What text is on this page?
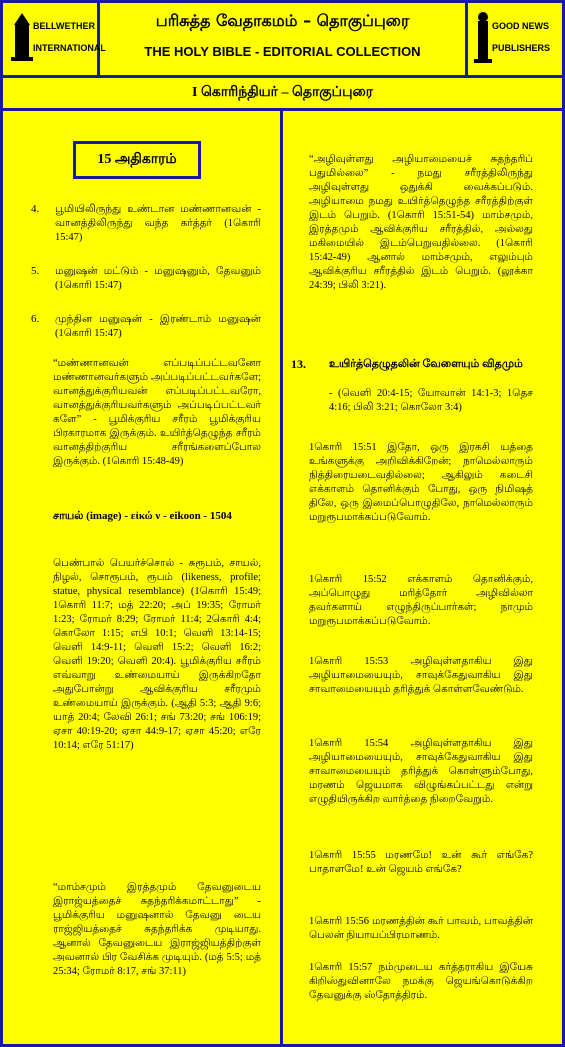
BELLWETHER
INTERNATIONAL
பரிசுத்த வேதாகமம் – தொகுப்புரை
THE HOLY BIBLE - EDITORIAL COLLECTION
GOOD NEWS
PUBLISHERS
I கொரிந்தியர் – தொகுப்புரை
15 அதிகாரம்
4. பூமியிலிருந்து உண்டான மண்ணானவன் - வானத்திலிருந்து வந்த கர்த்தர் (1கொரி 15:47)
5. மனுஷன் மட்டும் - மனுஷனும், தேவனும் (1கொரி 15:47)
6. முந்தின மனுஷன் - இரண்டாம் மனுஷன் (1கொரி 15:47)
“மண்ணானவன் எப்படிப்பட்டவனோ மண்ணானவர்களும் அப்படிப்பட்டவர்களே; வானத்துக்குரியவன் எப்படிப்பட்டவரோ, வானத்துக்குரியவர்களும் அப்படிப்பட்டவர் களே” - பூமிக்குரிய சரீரம் பூமிக்குரிய பிரகாரமாக இருக்கும். உயிர்த்தெழுந்த சரீரம் வானத்திற்குரிய சரீரங்களைப்போல இருக்கும். (1கொரி 15:48-49)
சாயல் (image) - εἰκώ ν - eikoon - 1504
பெண்பால் பெயர்ச்சொல் - சுரூபம், சாயல், நிழல், சொரூபம், ரூபம் (likeness, profile; statue, physical resemblance) (1கொரி 15:49; 1கொரி 11:7; மத் 22:20; அப் 19:35; ரோமர் 1:23; ரோமர் 8:29; ரோமர் 11:4; 2கொரி 4:4; கொலோ 1:15; எபி 10:1; வெளி 13:14-15; வெளி 14:9-11; வெளி 15:2; வெளி 16:2; வெளி 19:20; வெளி 20:4). பூமிக்குரிய சரீரம் எவ்வாறு உண்மையாய் இருக்கிறதோ அதுபோன்று ஆவிக்குரிய சரீரமும் உண்மையாய் இருக்கும். (ஆதி 5:3; ஆதி 9:6; யாத் 20:4; லேவி 26:1; சங் 73:20; சங் 106:19; ஏசா 40:19-20; ஏசா 44:9-17; ஏசா 45:20; எரே 10:14; எரே 51:17)
“மாம்சமும் இரத்தமும் தேவனுடைய இராஜ்யத்தைச் சுதந்தரிக்கமாட்டாது” - பூமிக்குரிய மனுஷனால் தேவனு டைய ராஜ்ஜியத்தைச் சுதந்தரிக்க முடியாது. ஆனால் தேவனுடைய இராஜ்ஜியத்திற்குள் அவனால் பிர வேசிக்க முடியும். (மத் 5:5; மத் 25:34; ரோமர் 8:17, சங் 37:11)
“அழிவுள்ளது அழியாமையைச் சுதந்தரிப் பதுமில்லை” - நமது சரீரத்திலிருந்து அழிவுள்ளது ஒதுக்கி வைக்கப்படும். அழியாமை நமது உயிர்த்தெழுந்த சரீரத்திற்குள் இடம் பெறும். (1கொரி 15:51-54) மாம்சமும், இரத்தமும் ஆவிக்குரிய சரீரத்தில், அல்லது மகிமையில் இடம்பெறுவதில்லை. (1கொரி 15:42-49) ஆனால் மாம்சமும், எலும்பும் ஆவிக்குரிய சரீரத்தில் இடம் பெறும். (லூக்கா 24:39; பிலி 3:21).
13. உயிர்த்தெழுதலின் வேளையும் விதமும்
- (வெளி 20:4-15; யோவான் 14:1-3; 1தெச 4:16; பிலி 3:21; கொலோ 3:4)
1கொரி 15:51 இதோ, ஒரு இரகசி யத்தை உங்களுக்கு அறிவிக்கிறேன்; நாமெல்லாரும் நித்திரையடைவதில்லை; ஆகிலும் கடைசி எக்காளம் தொனிக்கும் போது, ஒரு நிமிஷத் திலே, ஒரு இமைப்பொழுதிலே, நாமெல்லாரும் மறுரூபமாக்கப்படுவோம்.
1கொரி 15:52 எக்காளம் தொனிக்கும், அப்பொழுது மரித்தோர் அழிவில்லா தவர்களாய் எழுந்திருப்பார்கள்; நாமும் மறுரூபமாக்கப்படுவோம்.
1கொரி 15:53 அழிவுள்ளதாகிய இது அழியாமையையும், சாவுக்கேதுவாகிய இது சாவாமையையும் தரித்துக் கொள்ளவேண்டும்.
1கொரி 15:54 அழிவுள்ளதாகிய இது அழியாமையையும், சாவுக்கேதுவாகிய இது சாவாமையையும் தரித்துக் கொள்ளும்போது, மரணம் ஜெயமாக விழுங்கப்பட்டது என்று எழுதியிருக்கிற வார்த்தை நிறைவேறும்.
1கொரி 15:55 மரணமே! உன் கூர் எங்கே? பாதாளமே! உன் ஜெயம் எங்கே?
1கொரி 15:56 மரணத்தின் கூர் பாவம், பாவத்தின் பெலன் நியாயப்பிரமாணம்.
1கொரி 15:57 நம்முடைய கர்த்தராகிய இயேசு கிறிஸ்துவினாலே நமக்கு ஜெயங்கொடுக்கிற தேவனுக்கு ஸ்தோத்திரம்.
